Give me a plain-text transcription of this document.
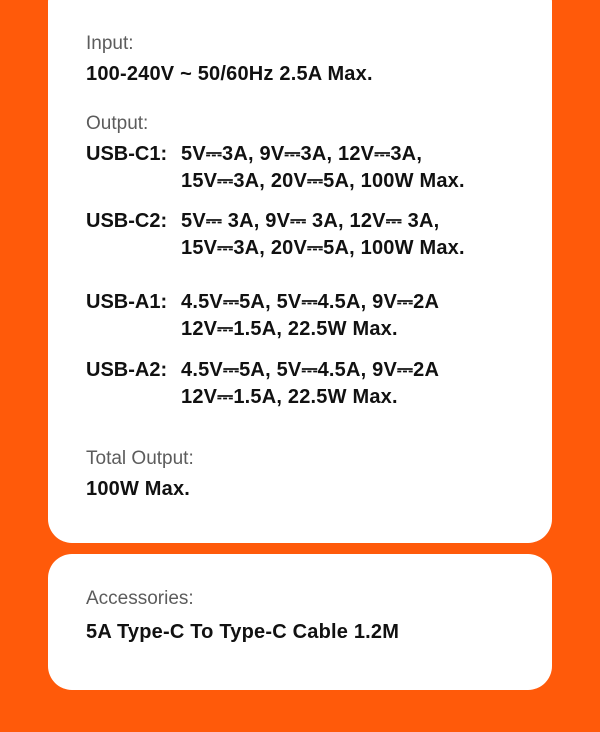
Input:
100-240V ~ 50/60Hz 2.5A Max.
Output:
USB-C1: 5V⎓3A, 9V⎓3A, 12V⎓3A,
15V⎓3A, 20V⎓5A, 100W Max.
USB-C2: 5V⎓ 3A, 9V⎓ 3A, 12V⎓ 3A,
15V⎓3A, 20V⎓5A, 100W Max.
USB-A1: 4.5V⎓5A, 5V⎓4.5A, 9V⎓2A
12V⎓1.5A, 22.5W Max.
USB-A2: 4.5V⎓5A, 5V⎓4.5A, 9V⎓2A
12V⎓1.5A, 22.5W Max.
Total Output:
100W Max.
Accessories:
5A Type-C To Type-C Cable 1.2M
